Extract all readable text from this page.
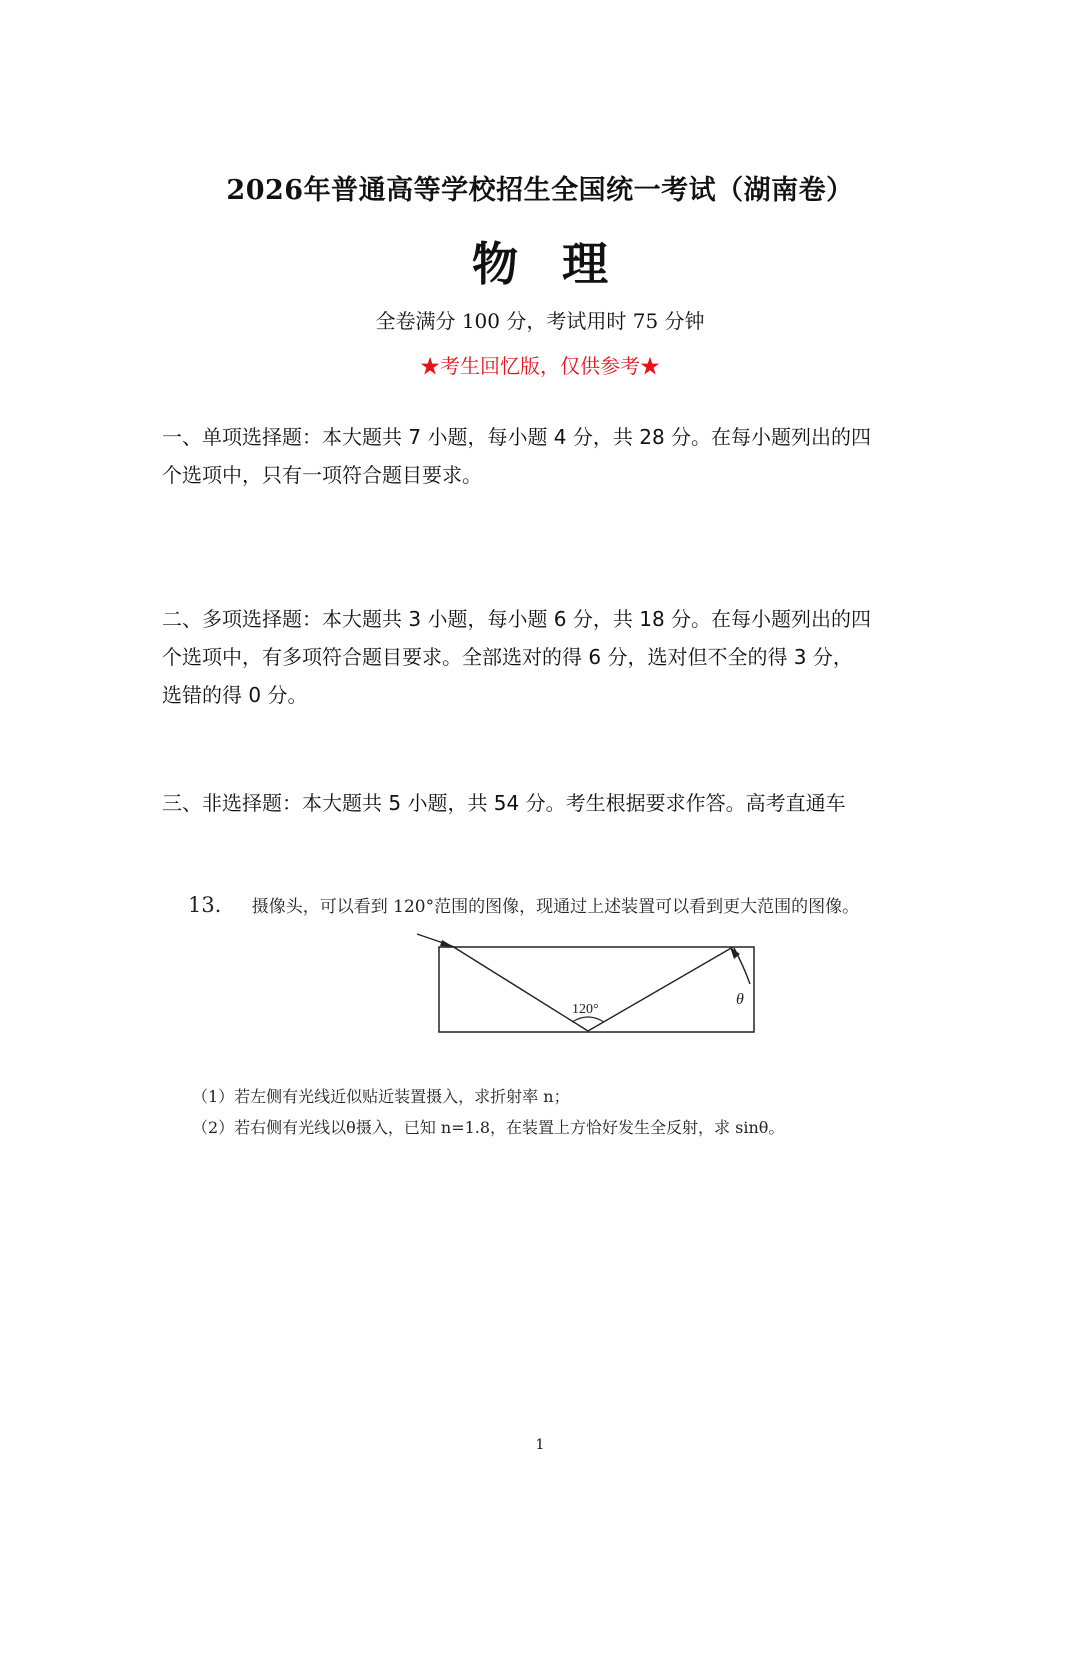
2026年普通高等学校招生全国统一考试（湖南卷）
物 理
全卷满分 100 分，考试用时 75 分钟
★考生回忆版，仅供参考★
一、单项选择题：本大题共 7 小题，每小题 4 分，共 28 分。在每小题列出的四
个选项中，只有一项符合题目要求。
二、多项选择题：本大题共 3 小题，每小题 6 分，共 18 分。在每小题列出的四
个选项中，有多项符合题目要求。全部选对的得 6 分，选对但不全的得 3 分，
选错的得 0 分。
三、非选择题：本大题共 5 小题，共 54 分。考生根据要求作答。高考直通车
13． 摄像头，可以看到 120°范围的图像，现通过上述装置可以看到更大范围的图像。
120°
θ
（1）若左侧有光线近似贴近装置摄入，求折射率 n；
（2）若右侧有光线以θ摄入，已知 n=1.8，在装置上方恰好发生全反射，求 sinθ。
1
